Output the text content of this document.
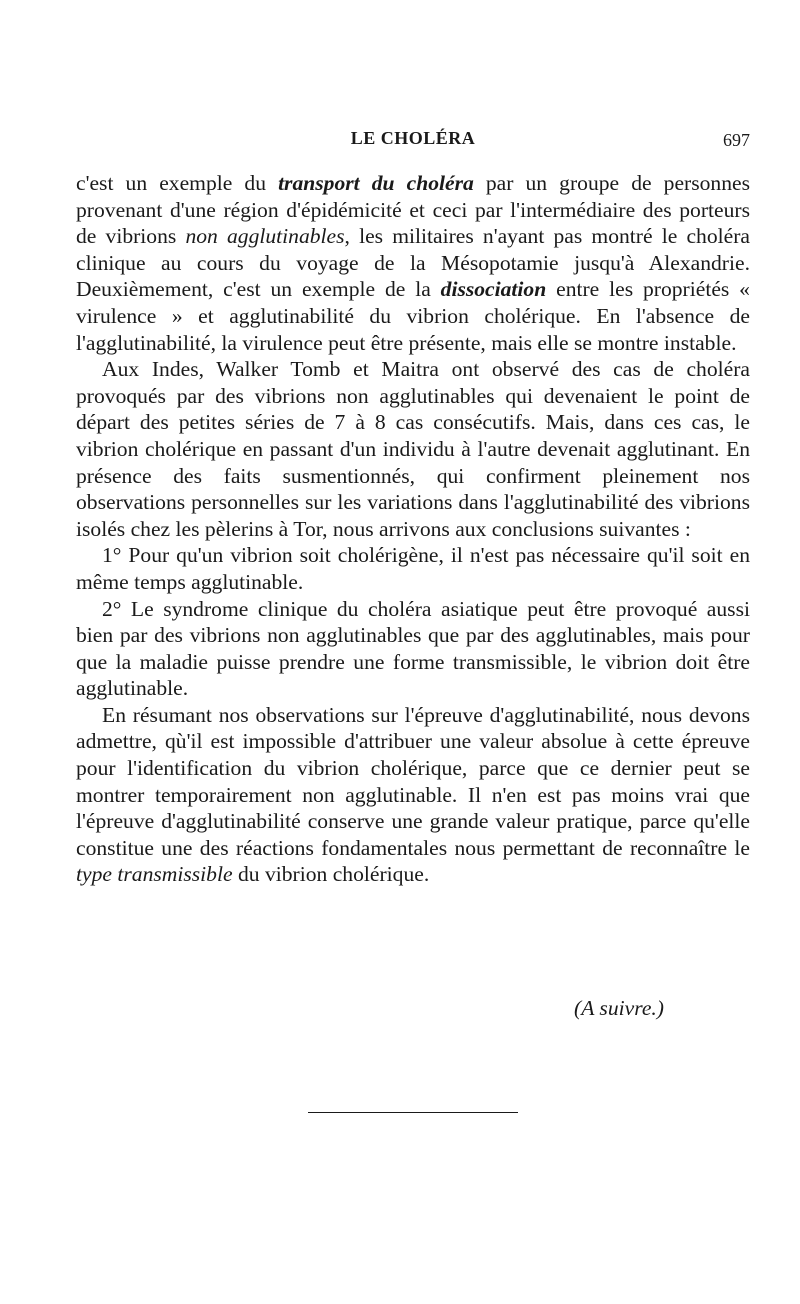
LE CHOLÉRA	697

c'est un exemple du transport du choléra par un groupe de personnes provenant d'une région d'épidémicité et ceci par l'intermédiaire des porteurs de vibrions non agglutinables, les militaires n'ayant pas montré le choléra clinique au cours du voyage de la Mésopotamie jusqu'à Alexandrie. Deuxièmement, c'est un exemple de la dissociation entre les propriétés « virulence » et agglutinabilité du vibrion cholérique. En l'absence de l'agglutinabilité, la virulence peut être présente, mais elle se montre instable.

Aux Indes, Walker Tomb et Maitra ont observé des cas de choléra provoqués par des vibrions non agglutinables qui devenaient le point de départ des petites séries de 7 à 8 cas consécutifs. Mais, dans ces cas, le vibrion cholérique en passant d'un individu à l'autre devenait agglutinant. En présence des faits susmentionnés, qui confirment pleinement nos observations personnelles sur les variations dans l'agglutinabilité des vibrions isolés chez les pèlerins à Tor, nous arrivons aux conclusions suivantes :

1° Pour qu'un vibrion soit cholérigène, il n'est pas nécessaire qu'il soit en même temps agglutinable.

2° Le syndrome clinique du choléra asiatique peut être provoqué aussi bien par des vibrions non agglutinables que par des agglutinables, mais pour que la maladie puisse prendre une forme transmissible, le vibrion doit être agglutinable.

En résumant nos observations sur l'épreuve d'agglutinabilité, nous devons admettre, qù'il est impossible d'attribuer une valeur absolue à cette épreuve pour l'identification du vibrion cholérique, parce que ce dernier peut se montrer temporairement non agglutinable. Il n'en est pas moins vrai que l'épreuve d'agglutinabilité conserve une grande valeur pratique, parce qu'elle constitue une des réactions fondamentales nous permettant de reconnaître le type transmissible du vibrion cholérique.

(A suivre.)
